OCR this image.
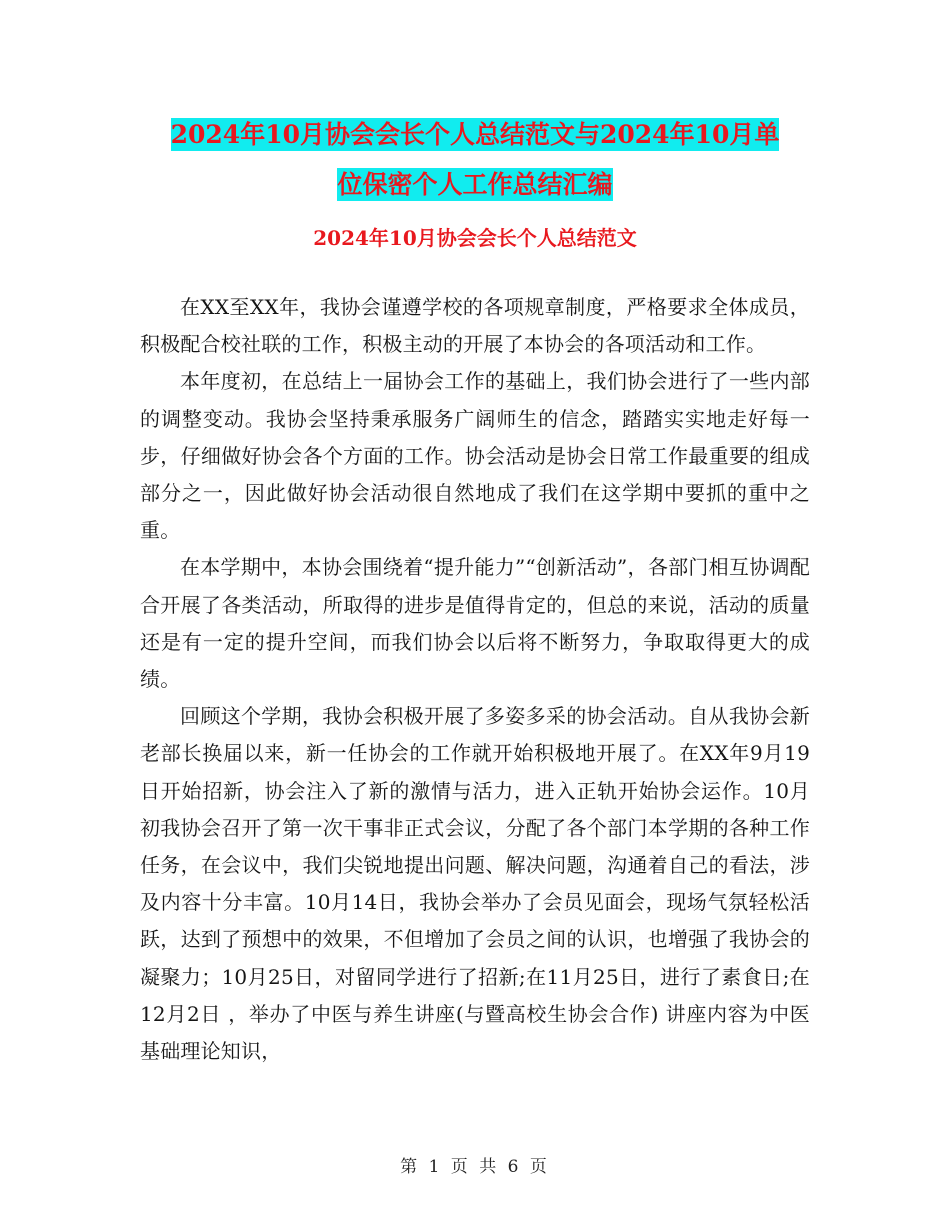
2024年10月协会会长个人总结范文与2024年10月单
位保密个人工作总结汇编
2024年10月协会会长个人总结范文

在XX至XX年，我协会谨遵学校的各项规章制度，严格要求全体成员，积极配合校社联的工作，积极主动的开展了本协会的各项活动和工作。

本年度初，在总结上一届协会工作的基础上，我们协会进行了一些内部的调整变动。我协会坚持秉承服务广阔师生的信念，踏踏实实地走好每一步，仔细做好协会各个方面的工作。协会活动是协会日常工作最重要的组成部分之一，因此做好协会活动很自然地成了我们在这学期中要抓的重中之重。

在本学期中，本协会围绕着“提升能力”“创新活动”，各部门相互协调配合开展了各类活动，所取得的进步是值得肯定的，但总的来说，活动的质量还是有一定的提升空间，而我们协会以后将不断努力，争取取得更大的成绩。

回顾这个学期，我协会积极开展了多姿多采的协会活动。自从我协会新老部长换届以来，新一任协会的工作就开始积极地开展了。在XX年9月19日开始招新，协会注入了新的激情与活力，进入正轨开始协会运作。10月初我协会召开了第一次干事非正式会议，分配了各个部门本学期的各种工作任务，在会议中，我们尖锐地提出问题、解决问题，沟通着自己的看法，涉及内容十分丰富。10月14日，我协会举办了会员见面会，现场气氛轻松活跃，达到了预想中的效果，不但增加了会员之间的认识，也增强了我协会的凝聚力；10月25日，对留同学进行了招新;在11月25日，进行了素食日;在12月2日 ，举办了中医与养生讲座(与暨高校生协会合作) 讲座内容为中医基础理论知识，

第 1 页 共 6 页
